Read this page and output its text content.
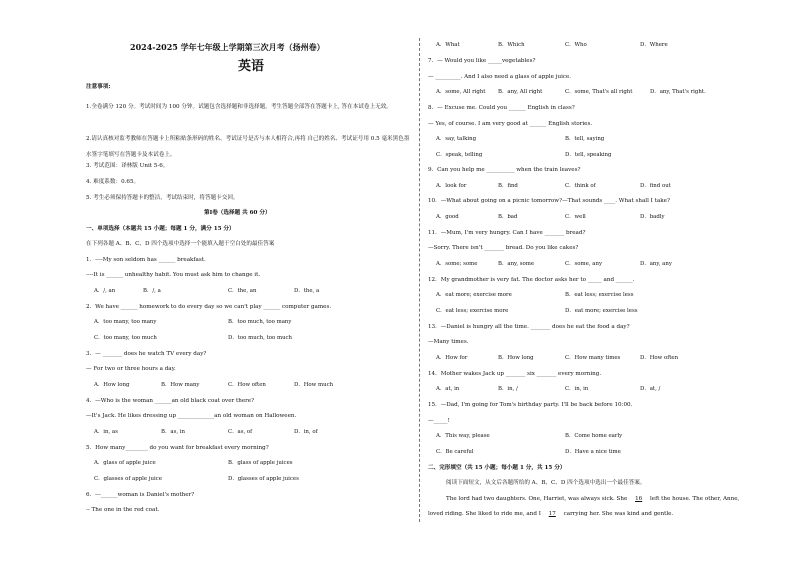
2024-2025 学年七年级上学期第三次月考（扬州卷）
英语
注意事项:
1.全卷满分 120 分。考试时间为 100 分钟。试题包含选择题和非选择题。考生答题全部答在答题卡上, 答在本试卷上无效。
2.请认真核对监考教师在答题卡上所粘贴条形码的姓名、考试证号是否与本人相符合,再将 自己的姓名、考试证号用 0.5 毫米黑色墨水签字笔填写在答题卡及本试卷上。
3. 考试范围：译林版 Unit 5-6。
4. 难度系数：0.65。
5. 考生必须保持答题卡的整洁，考试结束时，将答题卡交回。
第Ⅰ卷（选择题 共 60 分）
一、单项选择（本题共 15 小题；每题 1 分，满分 15 分）
在下列各题 A、B、C、D 四个选项中选择一个能填入题干空白处的最佳答案
1．----My son seldom has ______ breakfast.
----It is ______ unhealthy habit. You must ask him to change it.
A．/, an	B．/, a	C．the, an	D．the, a
2．We have ______ homework to do every day so we can't play ______ computer games.
A．too many, too many	B．too much, too many
C．too many, too much	D．too much, too much
3．— _______ does he watch TV every day?
— For two or three hours a day.
A．How long	B．How many	C．How often	D．How much
4．—Who is the woman ______an old black coat over there?
—It's Jack. He likes dressing up _____________an old woman on Halloween.
A．in, as	B．as, in	C．as, of	D．in, of
5．How many________ do you want for breakfast every morning?
A．glass of apple juice	B．glass of apple juices
C．glasses of apple juice	D．glasses of apple juices
6．---______woman is Daniel's mother?
-- The one in the red coat.
A．What	B．Which	C．Who	D．Where
7．— Would you like _____vegetables?
— _________. And I also need a glass of apple juice.
A．some, All right B．any, All right	C．some, That's all right	D．any, That's right.
8．— Excuse me. Could you ______ English in class?
— Yes, of course. I am very good at ______ English stories.
A．say, talking	B．tell, saying
C．speak, telling	D．tell, speaking
9．Can you help me __________ when the train leaves?
A．look for	B．find	C．think of	D．find out
10．—What about going on a picnic tomorrow?—That sounds ____. What shall I take?
A．good	B．bad	C．well	D．badly
11．—Mum, I'm very hungry. Can I have _______ bread?
—Sorry. There isn't _______ bread. Do you like cakes?
A．some; some	B．any, some	C．some, any	D．any, any
12．My grandmother is very fat. The doctor asks her to _____ and ______.
A．eat more; exercise more	B．eat less; exercise less
C．eat less; exercise more	D．eat more; exercise less
13．—Daniel is hungry all the time. _______ does he eat the food a day?
—Many times.
A．How for	B．How long	C．How many times	D．How often
14．Mother wakes Jack up _______ six _______ every morning.
A．at, in	B．in, /	C．in, in	D．at, /
15．—Dad, I'm going for Tom's birthday party. I'll be back before 10:00.
—_____!
A．This way, please	B．Come home early
C．Be careful	D．Have a nice time
二、完形填空（共 15 小题；每小题 1 分，共 15 分）
阅读下面短文，从文后各题所给的 A、B、C、D 四个选项中选出一个最佳答案。
The lord had two daughters. One, Harriet, was always sick. She 16 left the house. The other, Anne,
loved riding. She liked to ride me, and I 17 carrying her. She was kind and gentle.
